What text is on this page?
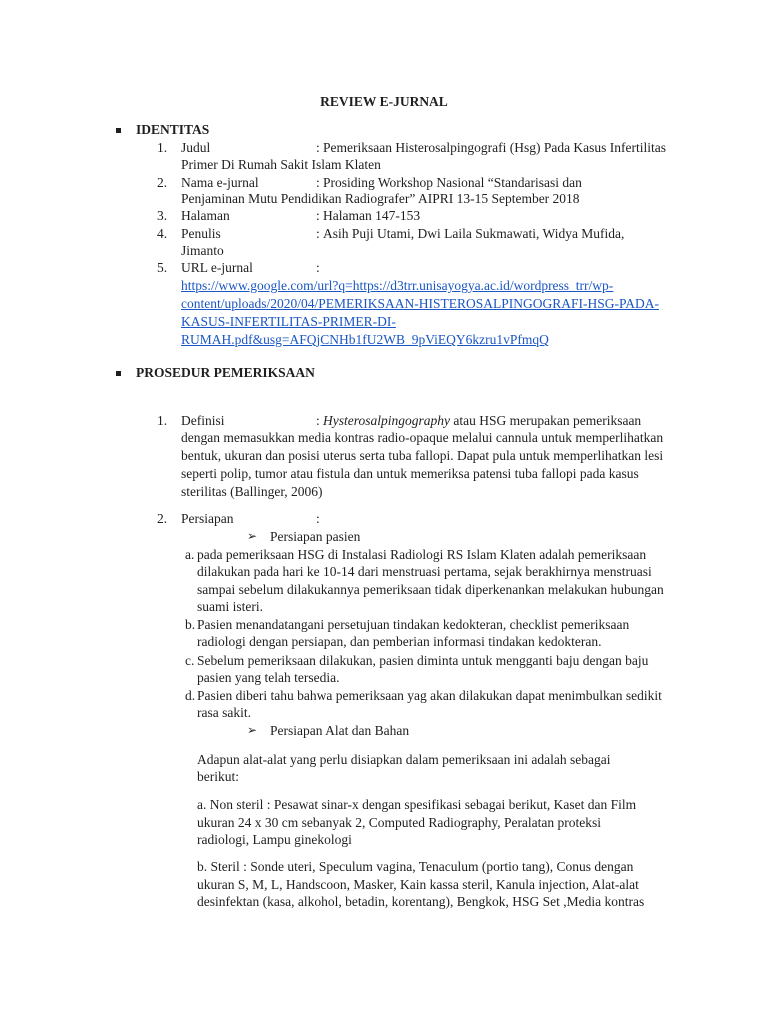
REVIEW E-JURNAL
IDENTITAS
1. Judul	: Pemeriksaan Histerosalpingografi (Hsg) Pada Kasus Infertilitas
Primer Di Rumah Sakit Islam Klaten
2. Nama e-jurnal	: Prosiding Workshop Nasional “Standarisasi dan
Penjaminan Mutu Pendidikan Radiografer” AIPRI 13-15 September 2018
3. Halaman	: Halaman 147-153
4. Penulis	: Asih Puji Utami, Dwi Laila Sukmawati, Widya Mufida,
Jimanto
5. URL e-jurnal	:
https://www.google.com/url?q=https://d3trr.unisayogya.ac.id/wordpress_trr/wp-
content/uploads/2020/04/PEMERIKSAAN-HISTEROSALPINGOGRAFI-HSG-PADA-
KASUS-INFERTILITAS-PRIMER-DI-
RUMAH.pdf&usg=AFQjCNHb1fU2WB_9pViEQY6kzru1vPfmqQ
PROSEDUR PEMERIKSAAN
1. Definisi	: Hysterosalpingography atau HSG merupakan pemeriksaan
dengan memasukkan media kontras radio-opaque melalui cannula untuk memperlihatkan
bentuk, ukuran dan posisi uterus serta tuba fallopi. Dapat pula untuk memperlihatkan lesi
seperti polip, tumor atau fistula dan untuk memeriksa patensi tuba fallopi pada kasus
sterilitas (Ballinger, 2006)
2. Persiapan	:
➢ Persiapan pasien
a. pada pemeriksaan HSG di Instalasi Radiologi RS Islam Klaten adalah pemeriksaan
dilakukan pada hari ke 10-14 dari menstruasi pertama, sejak berakhirnya menstruasi
sampai sebelum dilakukannya pemeriksaan tidak diperkenankan melakukan hubungan
suami isteri.
b. Pasien menandatangani persetujuan tindakan kedokteran, checklist pemeriksaan
radiologi dengan persiapan, dan pemberian informasi tindakan kedokteran.
c. Sebelum pemeriksaan dilakukan, pasien diminta untuk mengganti baju dengan baju
pasien yang telah tersedia.
d. Pasien diberi tahu bahwa pemeriksaan yag akan dilakukan dapat menimbulkan sedikit
rasa sakit.
➢ Persiapan Alat dan Bahan
Adapun alat-alat yang perlu disiapkan dalam pemeriksaan ini adalah sebagai
berikut:
a. Non steril : Pesawat sinar-x dengan spesifikasi sebagai berikut, Kaset dan Film
ukuran 24 x 30 cm sebanyak 2, Computed Radiography, Peralatan proteksi
radiologi, Lampu ginekologi
b. Steril : Sonde uteri, Speculum vagina, Tenaculum (portio tang), Conus dengan
ukuran S, M, L, Handscoon, Masker, Kain kassa steril, Kanula injection, Alat-alat
desinfektan (kasa, alkohol, betadin, korentang), Bengkok, HSG Set ,Media kontras
